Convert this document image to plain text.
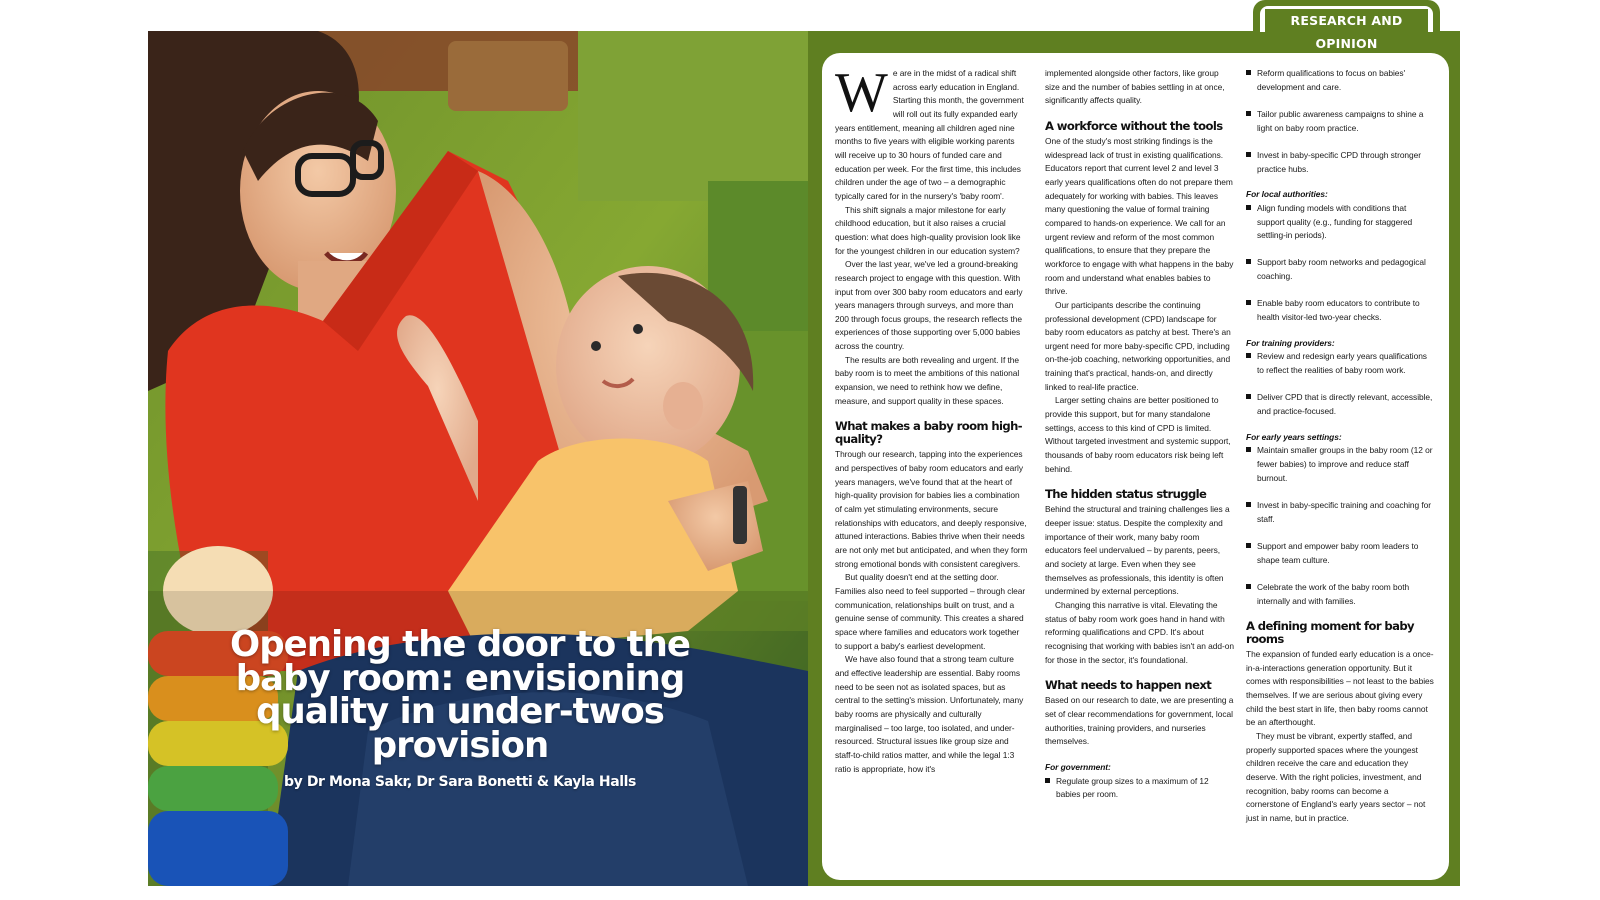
RESEARCH AND OPINION
Opening the door to the baby room: envisioning quality in under-twos provision
by Dr Mona Sakr, Dr Sara Bonetti & Kayla Halls

We are in the midst of a radical shift across early education in England. Starting this month, the government will roll out its fully expanded early years entitlement, meaning all children aged nine months to five years with eligible working parents will receive up to 30 hours of funded care and education per week. For the first time, this includes children under the age of two – a demographic typically cared for in the nursery's 'baby room'.

This shift signals a major milestone for early childhood education, but it also raises a crucial question: what does high-quality provision look like for the youngest children in our education system?

Over the last year, we've led a ground-breaking research project to engage with this question. With input from over 300 baby room educators and early years managers through surveys, and more than 200 through focus groups, the research reflects the experiences of those supporting over 5,000 babies across the country.

The results are both revealing and urgent. If the baby room is to meet the ambitions of this national expansion, we need to rethink how we define, measure, and support quality in these spaces.

What makes a baby room high-quality?

Through our research, tapping into the experiences and perspectives of baby room educators and early years managers, we've found that at the heart of high-quality provision for babies lies a combination of calm yet stimulating environments, secure relationships with educators, and deeply responsive, attuned interactions. Babies thrive when their needs are not only met but anticipated, and when they form strong emotional bonds with consistent caregivers.

But quality doesn't end at the setting door. Families also need to feel supported – through clear communication, relationships built on trust, and a genuine sense of community. This creates a shared space where families and educators work together to support a baby's earliest development.

We have also found that a strong team culture and effective leadership are essential. Baby rooms need to be seen not as isolated spaces, but as central to the setting's mission. Unfortunately, many baby rooms are physically and culturally marginalised – too large, too isolated, and under-resourced. Structural issues like group size and staff-to-child ratios matter, and while the legal 1:3 ratio is appropriate, how it's

implemented alongside other factors, like group size and the number of babies settling in at once, significantly affects quality.

A workforce without the tools

One of the study's most striking findings is the widespread lack of trust in existing qualifications. Educators report that current level 2 and level 3 early years qualifications often do not prepare them adequately for working with babies. This leaves many questioning the value of formal training compared to hands-on experience. We call for an urgent review and reform of the most common qualifications, to ensure that they prepare the workforce to engage with what happens in the baby room and understand what enables babies to thrive.

Our participants describe the continuing professional development (CPD) landscape for baby room educators as patchy at best. There's an urgent need for more baby-specific CPD, including on-the-job coaching, networking opportunities, and training that's practical, hands-on, and directly linked to real-life practice.

Larger setting chains are better positioned to provide this support, but for many standalone settings, access to this kind of CPD is limited. Without targeted investment and systemic support, thousands of baby room educators risk being left behind.

The hidden status struggle

Behind the structural and training challenges lies a deeper issue: status. Despite the complexity and importance of their work, many baby room educators feel undervalued – by parents, peers, and society at large. Even when they see themselves as professionals, this identity is often undermined by external perceptions.

Changing this narrative is vital. Elevating the status of baby room work goes hand in hand with reforming qualifications and CPD. It's about recognising that working with babies isn't an add-on for those in the sector, it's foundational.

What needs to happen next

Based on our research to date, we are presenting a set of clear recommendations for government, local authorities, training providers, and nurseries themselves.

For government:
Regulate group sizes to a maximum of 12 babies per room.
Reform qualifications to focus on babies' development and care.
Tailor public awareness campaigns to shine a light on baby room practice.
Invest in baby-specific CPD through stronger practice hubs.
For local authorities:
Align funding models with conditions that support quality (e.g., funding for staggered settling-in periods).
Support baby room networks and pedagogical coaching.
Enable baby room educators to contribute to health visitor-led two-year checks.
For training providers:
Review and redesign early years qualifications to reflect the realities of baby room work.
Deliver CPD that is directly relevant, accessible, and practice-focused.
For early years settings:
Maintain smaller groups in the baby room (12 or fewer babies) to improve and reduce staff burnout.
Invest in baby-specific training and coaching for staff.
Support and empower baby room leaders to shape team culture.
Celebrate the work of the baby room both internally and with families.
A defining moment for baby rooms

The expansion of funded early education is a once-in-a-interactions generation opportunity. But it comes with responsibilities – not least to the babies themselves. If we are serious about giving every child the best start in life, then baby rooms cannot be an afterthought.

They must be vibrant, expertly staffed, and properly supported spaces where the youngest children receive the care and education they deserve. With the right policies, investment, and recognition, baby rooms can become a cornerstone of England's early years sector – not just in name, but in practice.
